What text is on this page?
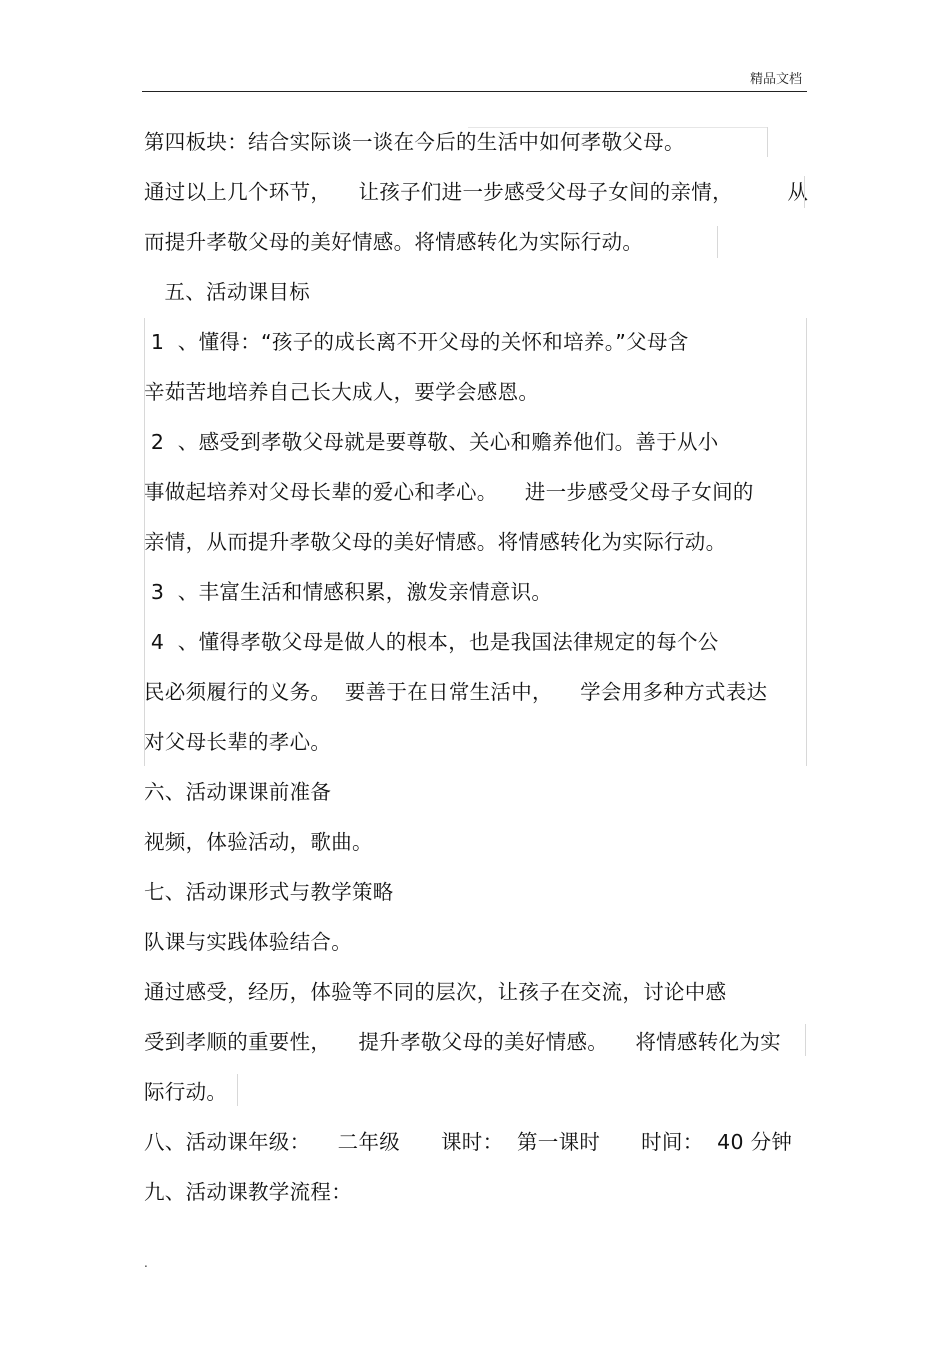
精品文档
第四板块：结合实际谈一谈在今后的生活中如何孝敬父母。
通过以上几个环节，    让孩子们进一步感受父母子女间的亲情，        从
而提升孝敬父母的美好情感。将情感转化为实际行动。
五、活动课目标
1  、懂得：“孩子的成长离不开父母的关怀和培养。”父母含
辛茹苦地培养自己长大成人，要学会感恩。
2  、感受到孝敬父母就是要尊敬、关心和赡养他们。善于从小
事做起培养对父母长辈的爱心和孝心。    进一步感受父母子女间的
亲情，从而提升孝敬父母的美好情感。将情感转化为实际行动。
3  、丰富生活和情感积累，激发亲情意识。
4  、懂得孝敬父母是做人的根本，也是我国法律规定的每个公
民必须履行的义务。  要善于在日常生活中，    学会用多种方式表达
对父母长辈的孝心。
六、活动课课前准备
视频，体验活动，歌曲。
七、活动课形式与教学策略
队课与实践体验结合。
通过感受，经历，体验等不同的层次，让孩子在交流，讨论中感
受到孝顺的重要性，    提升孝敬父母的美好情感。    将情感转化为实
际行动。
八、活动课年级：    二年级      课时：  第一课时      时间：  40 分钟
九、活动课教学流程：
.
